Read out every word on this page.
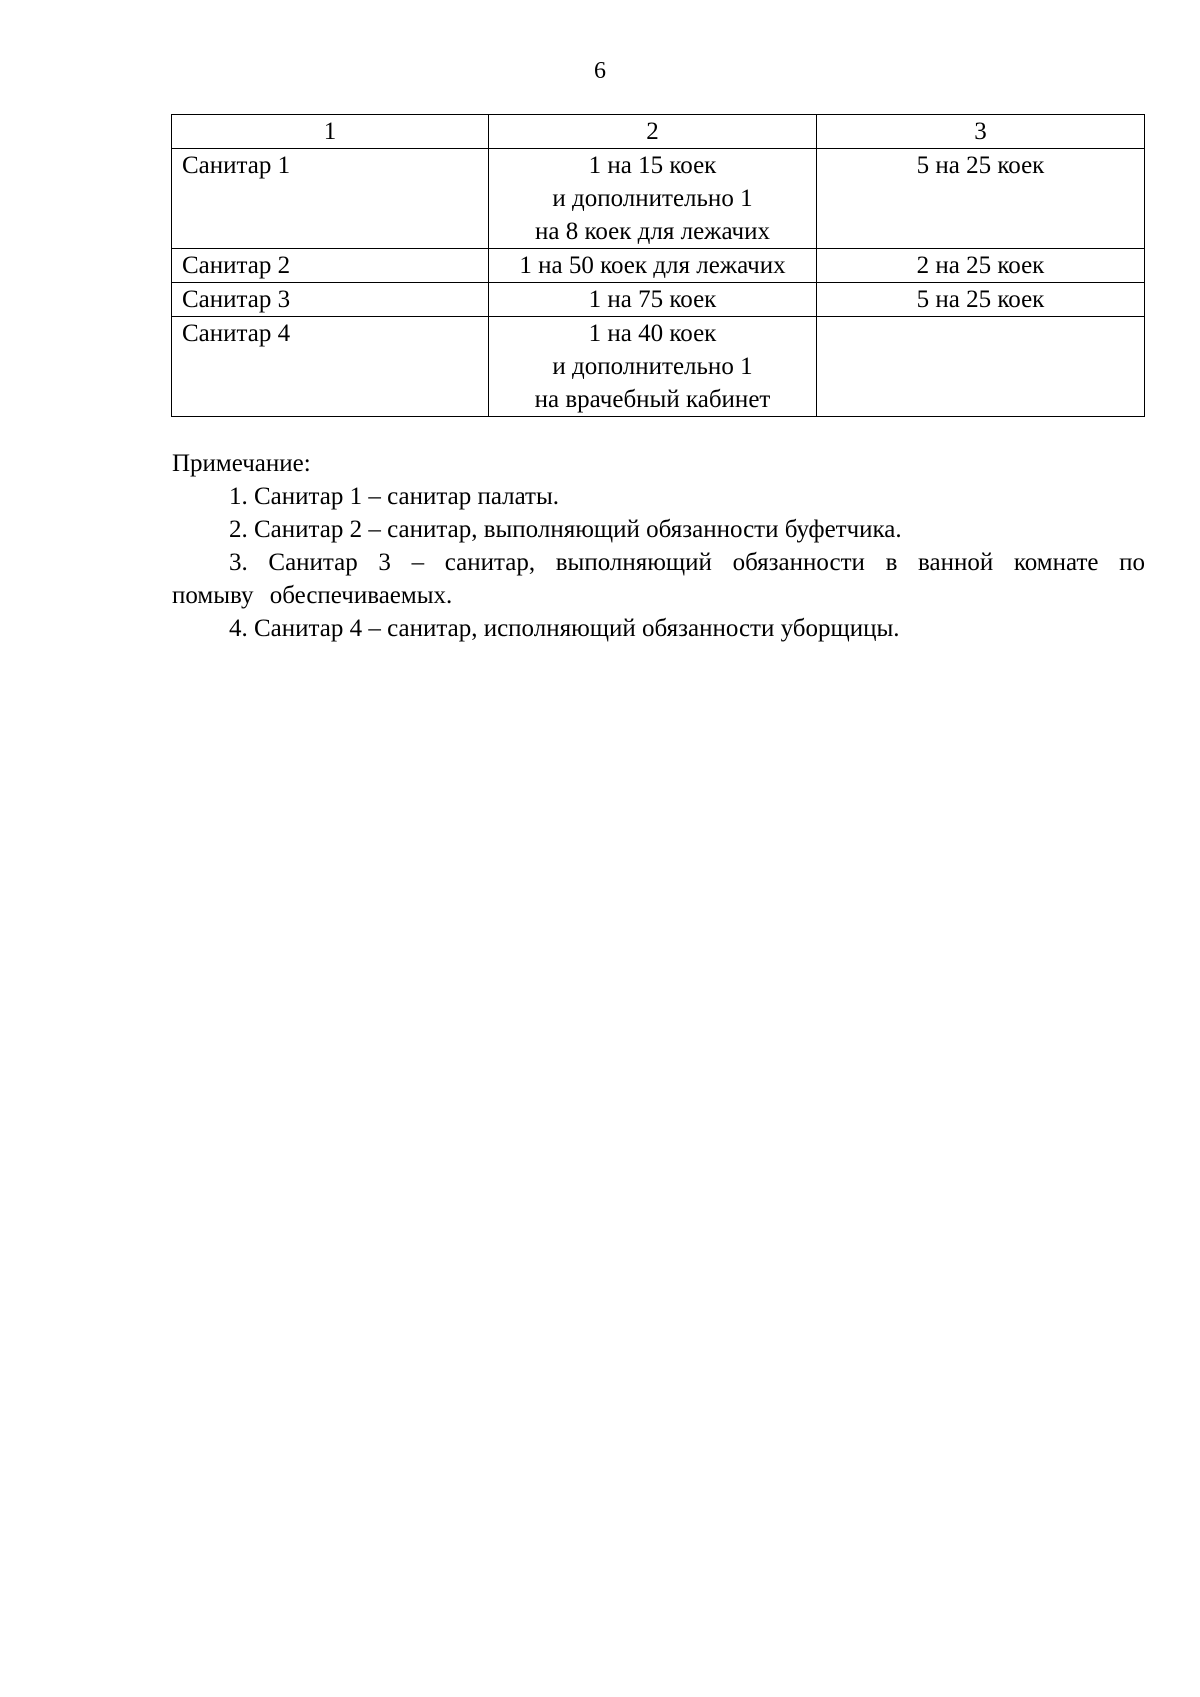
6
1	2	3
Санитар 1	1 на 15 коек
и дополнительно 1
на 8 коек для лежачих	5 на 25 коек

Санитар 2	1 на 50 коек для лежачих	2 на 25 коек

Санитар 3	1 на 75 коек	5 на 25 коек

Санитар 4	1 на 40 коек
и дополнительно 1
на врачебный кабинет	

Примечание:

1. Санитар 1 – санитар палаты.

2. Санитар 2 – санитар, выполняющий обязанности буфетчика.

3. Санитар 3 – санитар, выполняющий обязанности в ванной комнате по помыву обеспечиваемых.

4. Санитар 4 – санитар, исполняющий обязанности уборщицы.
